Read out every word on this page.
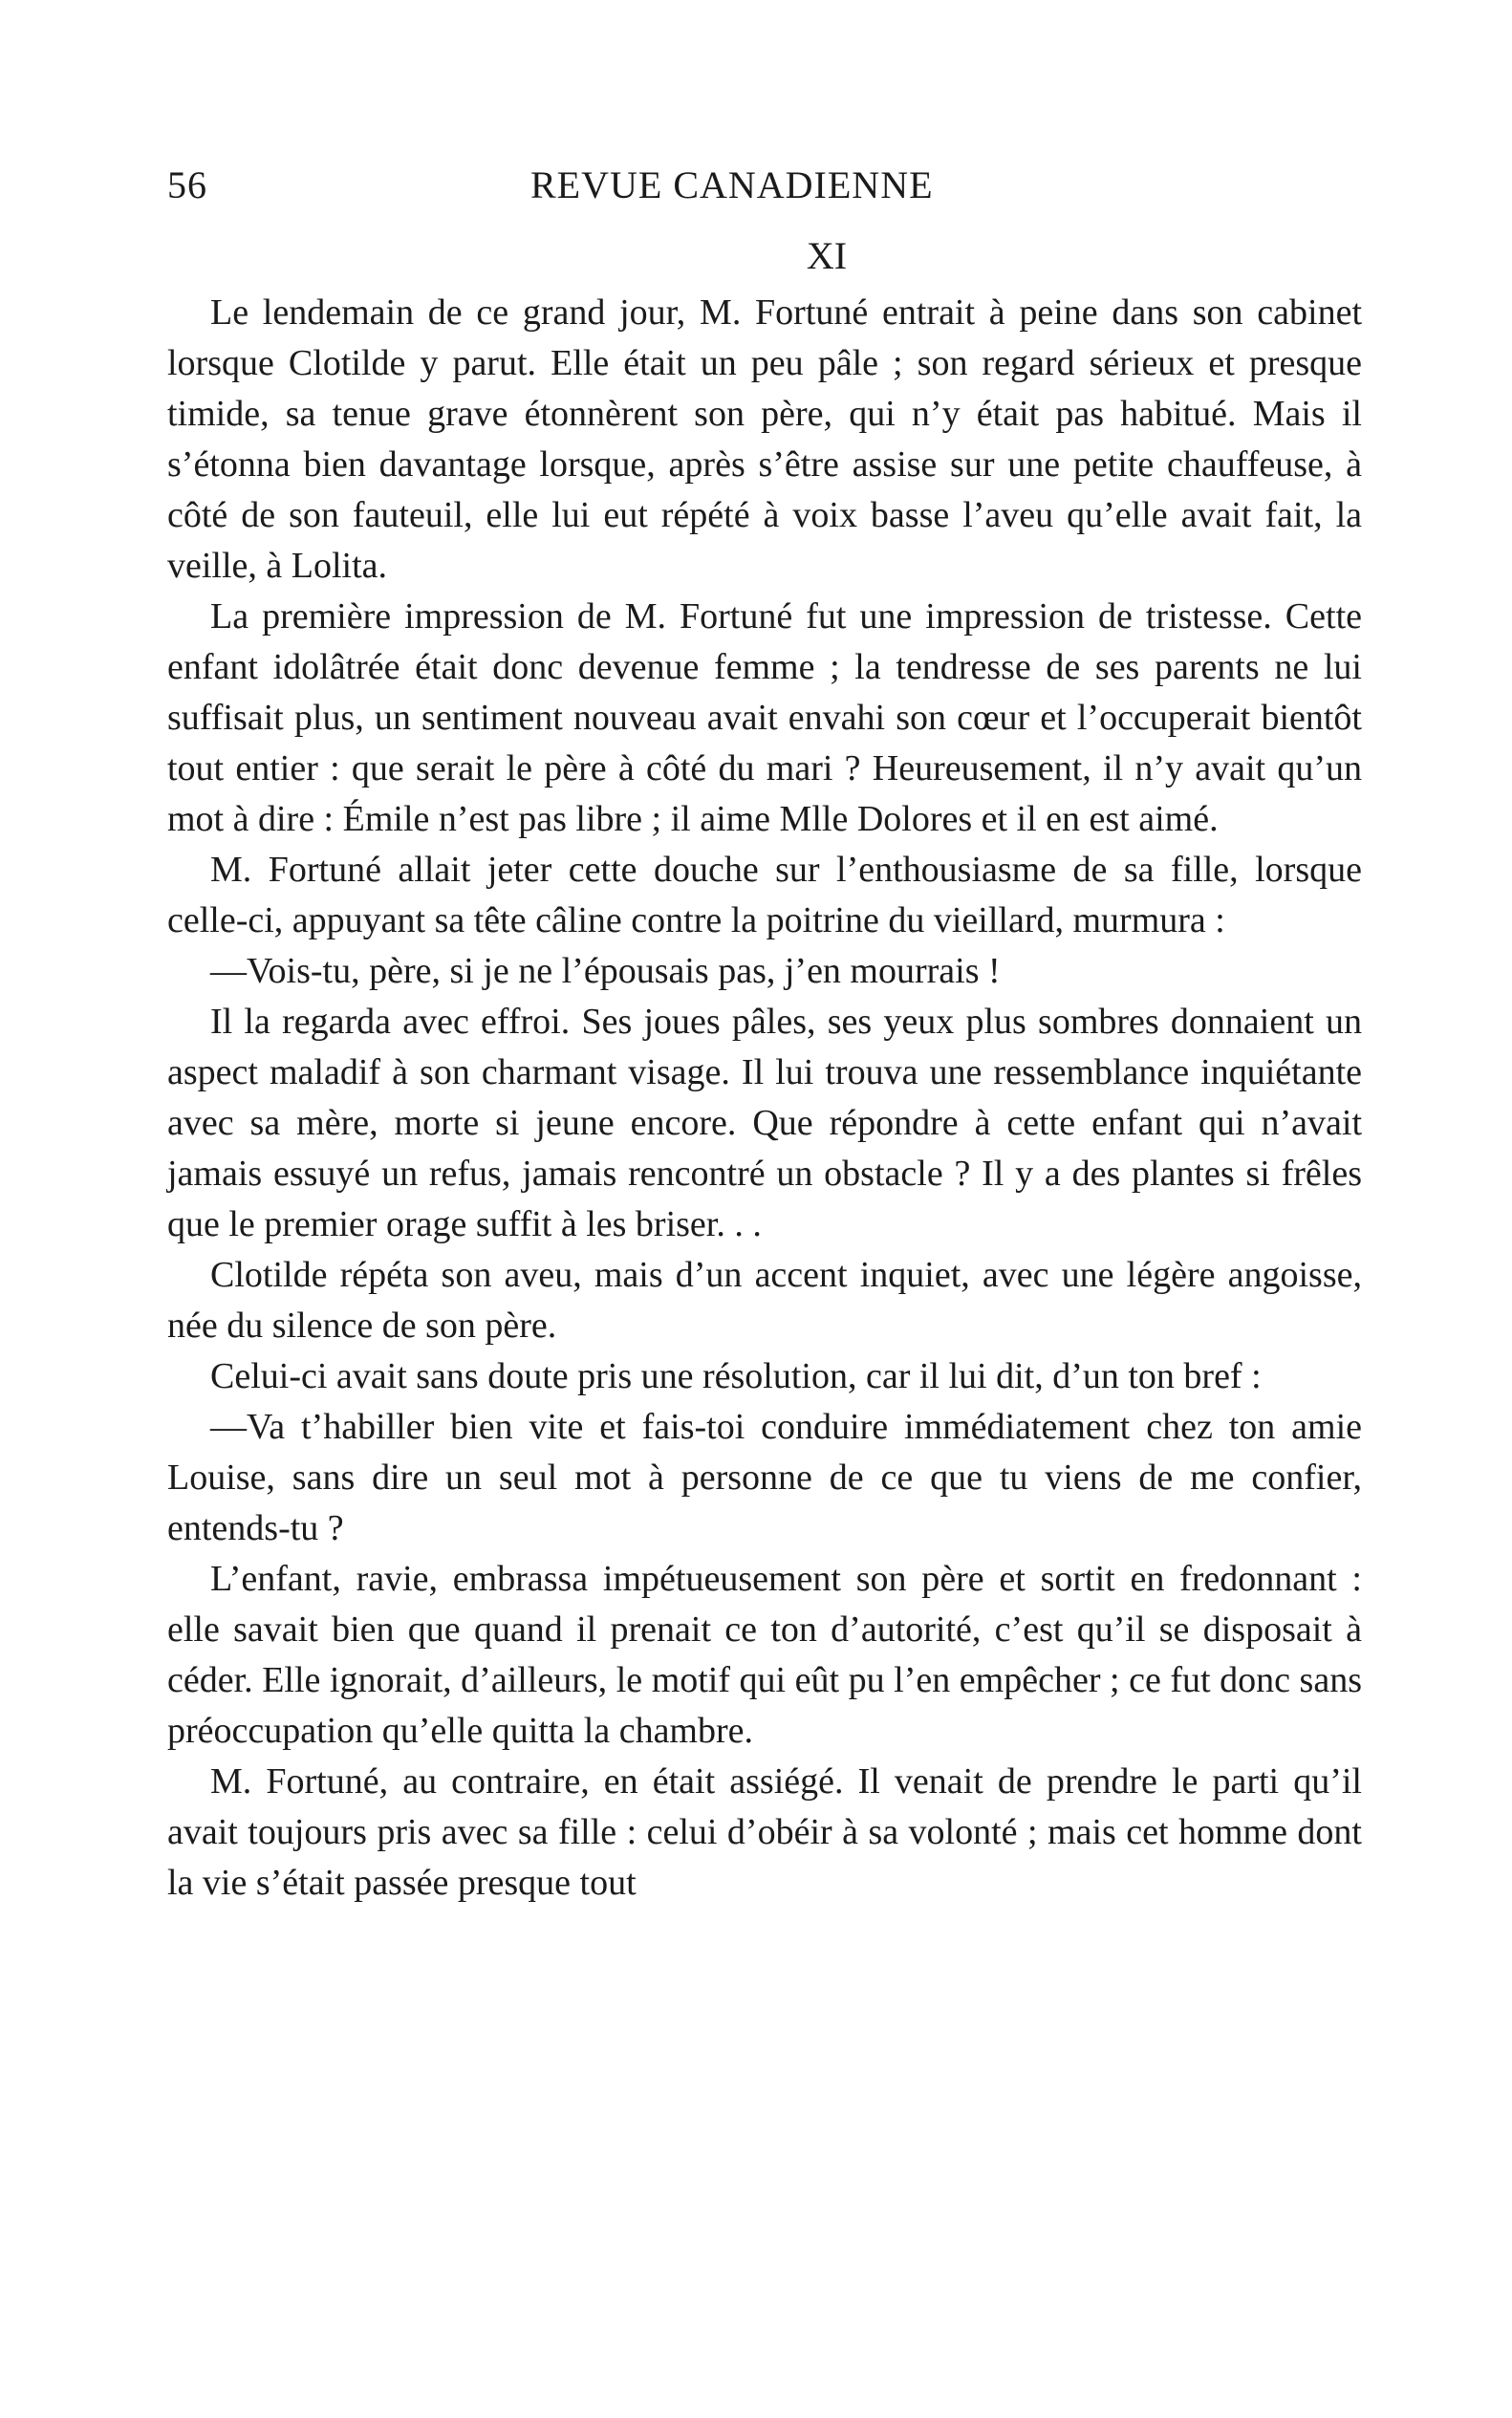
56	REVUE CANADIENNE
XI

Le lendemain de ce grand jour, M. Fortuné entrait à peine dans son cabinet lorsque Clotilde y parut. Elle était un peu pâle ; son regard sérieux et presque timide, sa tenue grave étonnèrent son père, qui n’y était pas habitué. Mais il s’étonna bien davantage lorsque, après s’être assise sur une petite chauffeuse, à côté de son fauteuil, elle lui eut répété à voix basse l’aveu qu’elle avait fait, la veille, à Lolita.

La première impression de M. Fortuné fut une impression de tristesse. Cette enfant idolâtrée était donc devenue femme ; la tendresse de ses parents ne lui suffisait plus, un sentiment nouveau avait envahi son cœur et l’occuperait bientôt tout entier : que serait le père à côté du mari ? Heureusement, il n’y avait qu’un mot à dire : Émile n’est pas libre ; il aime Mlle Dolores et il en est aimé.

M. Fortuné allait jeter cette douche sur l’enthousiasme de sa fille, lorsque celle-ci, appuyant sa tête câline contre la poitrine du vieillard, murmura :

—Vois-tu, père, si je ne l’épousais pas, j’en mourrais !

Il la regarda avec effroi. Ses joues pâles, ses yeux plus sombres donnaient un aspect maladif à son charmant visage. Il lui trouva une ressemblance inquiétante avec sa mère, morte si jeune encore. Que répondre à cette enfant qui n’avait jamais essuyé un refus, jamais rencontré un obstacle ? Il y a des plantes si frêles que le premier orage suffit à les briser. . .

Clotilde répéta son aveu, mais d’un accent inquiet, avec une légère angoisse, née du silence de son père.

Celui-ci avait sans doute pris une résolution, car il lui dit, d’un ton bref :

—Va t’habiller bien vite et fais-toi conduire immédiatement chez ton amie Louise, sans dire un seul mot à personne de ce que tu viens de me confier, entends-tu ?

L’enfant, ravie, embrassa impétueusement son père et sortit en fredonnant : elle savait bien que quand il prenait ce ton d’autorité, c’est qu’il se disposait à céder. Elle ignorait, d’ailleurs, le motif qui eût pu l’en empêcher ; ce fut donc sans préoccupation qu’elle quitta la chambre.

M. Fortuné, au contraire, en était assiégé. Il venait de prendre le parti qu’il avait toujours pris avec sa fille : celui d’obéir à sa volonté ; mais cet homme dont la vie s’était passée presque tout
